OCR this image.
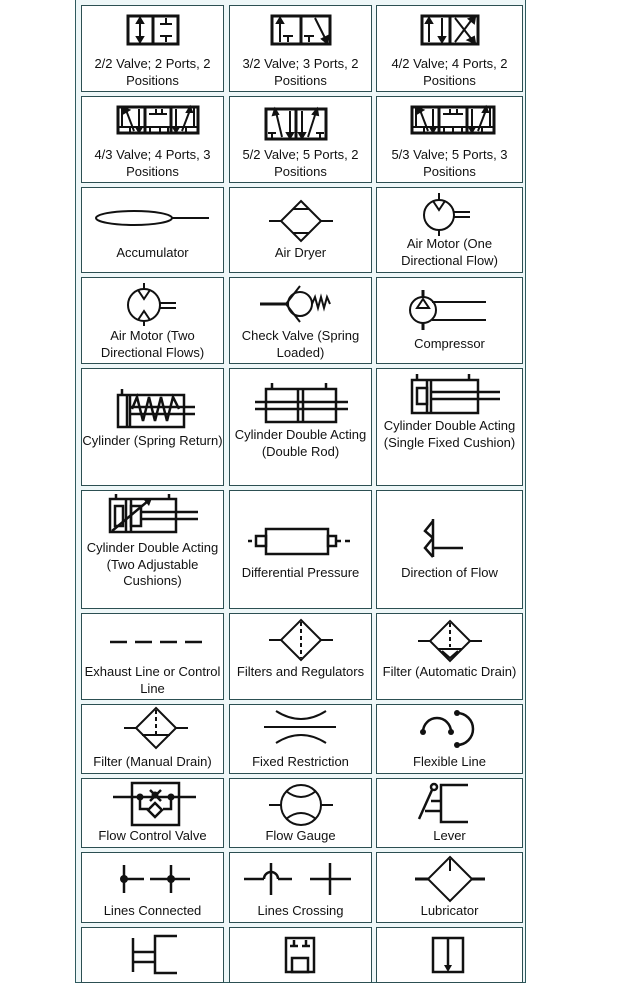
2/2 Valve; 2 Ports, 2 Positions
3/2 Valve; 3 Ports, 2 Positions
4/2 Valve; 4 Ports, 2 Positions
4/3 Valve; 4 Ports, 3 Positions
5/2 Valve; 5 Ports, 2 Positions
5/3 Valve; 5 Ports, 3 Positions
Accumulator	Air Dryer
Air Motor (One Directional Flow)
Air Motor (Two Directional Flows)
Check Valve (Spring Loaded)
Compressor
Cylinder (Spring Return) Cylinder Double Acting (Double Rod)
Cylinder Double Acting (Single Fixed Cushion)
Cylinder Double Acting (Two Adjustable Cushions)
Differential Pressure	Direction of Flow
Exhaust Line or Control Line
Filters and Regulators	Filter (Automatic Drain)
Filter (Manual Drain)	Fixed Restriction	Flexible Line
Flow Control Valve	Flow Gauge	Lever
Lines Connected	Lines Crossing	Lubricator
